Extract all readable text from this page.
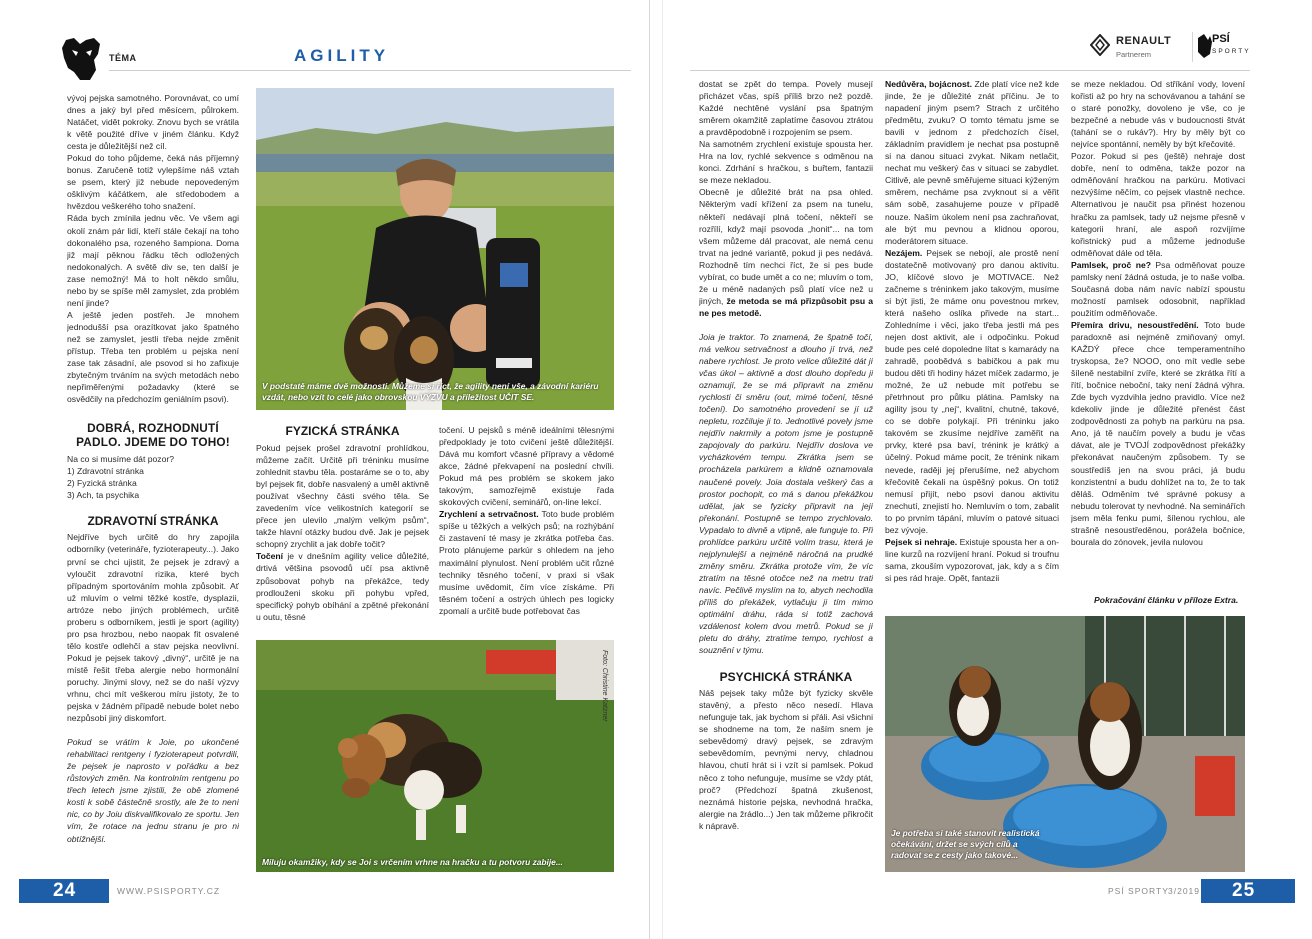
TÉMA	AGILITY

vývoj pejska samotného. Porovnávat, co umí dnes a jaký byl před měsícem, půlrokem. Natáčet, vidět pokroky. Znovu bych se vrátila k větě použité dříve v jiném článku. Když cesta je důležitější než cíl.

Pokud do toho půjdeme, čeká nás příjemný bonus. Zaručeně totiž vylepšíme náš vztah se psem, který již nebude nepovedeným ošklivým káčátkem, ale středobodem a hvězdou veškerého toho snažení.

Ráda bych zmínila jednu věc. Ve všem agi okolí znám pár lidí, kteří stále čekají na toho dokonalého psa, rozeného šampiona. Doma již mají pěknou řádku těch odložených nedokonalých. A světě div se, ten další je zase nemožný! Má to holt někdo smůlu, nebo by se spíše měl zamyslet, zda problém není jinde?

A ještě jeden postřeh. Je mnohem jednodušší psa orazítkovat jako špatného než se zamyslet, jestli třeba nejde změnit přístup. Třeba ten problém u pejska není zase tak zásadní, ale psovod si ho zafixuje zbytečným trváním na svých metodách nebo nepřiměřenými požadavky (které se osvědčily na předchozím geniálním psovi).

DOBRÁ, ROZHODNUTÍ PADLO. JDEME DO TOHO!

Na co si musíme dát pozor?

1) Zdravotní stránka

2) Fyzická stránka

3) Ach, ta psychika

ZDRAVOTNÍ STRÁNKA

Nejdříve bych určitě do hry zapojila odborníky (veterináře, fyzioterapeuty...). Jako první se chci ujistit, že pejsek je zdravý a vyloučit zdravotní rizika, které bych případným sportováním mohla způsobit. Ať už mluvím o velmi těžké kostře, dysplazii, artróze nebo jiných problémech, určitě proberu s odborníkem, jestli je sport (agility) pro psa hrozbou, nebo naopak fit osvalené tělo kostře odlehčí a stav pejska neovlivní. Pokud je pejsek takový „divný“, určitě je na místě řešit třeba alergie nebo hormonální poruchy. Jinými slovy, než se do naší výzvy vrhnu, chci mít veškerou míru jistoty, že to pejska v žádném případě nebude bolet nebo nezpůsobí jiný diskomfort.

Pokud se vrátím k Joie, po ukončené rehabilitaci rentgeny i fyzioterapeut potvrdili, že pejsek je naprosto v pořádku a bez růstových změn. Na kontrolním rentgenu po třech letech jsme zjistili, že obě zlomené kosti k sobě částečně srostly, ale že to není nic, co by Joiu diskvalifikovalo ze sportu. Jen vím, že rotace na jednu stranu je pro ni obtížnější.

V podstatě máme dvě možnosti. Můžeme si říct, že agility není vše, a závodní kariéru vzdát, nebo vzít to celé jako obrovskou VÝZVU a příležitost UČIT SE.
FYZICKÁ STRÁNKA

Pokud pejsek prošel zdravotní prohlídkou, můžeme začít. Určitě při tréninku musíme zohlednit stavbu těla. postaráme se o to, aby byl pejsek fit, dobře nasvalený a uměl aktivně používat všechny části svého těla. Se zavedením více velikostních kategorií se přece jen ulevilo „malým velkým psům“, takže hlavní otázky budou dvě. Jak je pejsek schopný zrychlit a jak dobře točit?

Točení je v dnešním agility velice důležité, drtivá většina psovodů učí psa aktivně způsobovat pohyb na překážce, tedy prodlouženi skoku při pohybu vpřed, specifický pohyb obíhání a zpětné překonání u outu, těsné

točení. U pejsků s méně ideálními tělesnými předpoklady je toto cvičení ještě důležitější. Dává mu komfort včasné přípravy a vědomé akce, žádné překvapení na poslední chvíli. Pokud má pes problém se skokem jako takovým, samozřejmě existuje řada skokových cvičení, seminářů, on-line lekcí.

Zrychlení a setrvačnost. Toto bude problém spíše u těžkých a velkých psů; na rozhýbání či zastavení té masy je zkrátka potřeba čas. Proto plánujeme parkúr s ohledem na jeho maximální plynulost. Není problém učit různé techniky těsného točení, v praxi si však musíme uvědomit, čím více získáme. Při těsném točení a ostrých úhlech pes logicky zpomalí a určitě bude potřebovat čas

Miluju okamžiky, kdy se Joi s vrčením vrhne na hračku a tu potvoru zabije...
Foto: Christine Katzner
24	WWW.PSISPORTY.CZ
RENAULT
Partnerem
PSÍ
SPORTY

dostat se zpět do tempa. Povely musejí přicházet včas, spíš příliš brzo než pozdě. Každé nechtěné vyslání psa špatným směrem okamžitě zaplatíme časovou ztrátou a pravděpodobně i rozpojením se psem.

Na samotném zrychlení existuje spousta her. Hra na lov, rychlé sekvence s odměnou na konci. Zdrhání s hračkou, s buřtem, fantazii se meze nekladou.

Obecně je důležité brát na psa ohled. Některým vadí křížení za psem na tunelu, někteří nedávají plná točení, někteří se rozřílí, když mají psovoda „honit“... na tom všem můžeme dál pracovat, ale nemá cenu trvat na jedné variantě, pokud ji pes nedává. Rozhodně tím nechci říct, že si pes bude vybírat, co bude umět a co ne; mluvím o tom, že u méně nadaných psů platí více než u jiných, že metoda se má přizpůsobit psu a ne pes metodě.

Joia je traktor. To znamená, že špatně točí, má velkou setrvačnost a dlouho jí trvá, než nabere rychlost. Je proto velice důležité dát jí včas úkol – aktivně a dost dlouho dopředu ji oznamují, že se má připravit na změnu rychlosti či směru (out, mimé točení, těsné točení). Do samotného provedení se jí už nepletu, rozčiluje ji to. Jednotlivé povely jsme nejdřív nakrmily a potom jsme je postupně zapojovaly do parkúru. Nejdřív doslova ve vycházkovém tempu. Zkrátka jsem se procházela parkúrem a klidně oznamovala naučené povely. Joia dostala veškerý čas a prostor pochopit, co má s danou překážkou udělat, jak se fyzicky připravit na její překonání. Postupně se tempo zrychlovalo. Vypadalo to divně a vtipně, ale fungujе to. Při prohlídce parkúru určitě volím trasu, která je nejplynulejší a nejméně náročná na prudké změny směru. Zkrátka protože vím, že víc ztratím na těsné otočce než na metru trati navíc. Pečlivě myslím na to, abych nechodila příliš do překážek, vytlačuju ji tím mimo optimální dráhu, ráda si totiž zachová vzdálenost kolem dvou metrů. Pokud se jí pletu do dráhy, ztratíme tempo, rychlost a souznění v týmu.

PSYCHICKÁ STRÁNKA

Náš pejsek taky může být fyzicky skvěle stavěný, a přesto něco nesedí. Hlava nefunguje tak, jak bychom si přáli. Asi všichni se shodneme na tom, že naším snem je sebevědomý dravý pejsek, se zdravým sebevědomím, pevnými nervy, chladnou hlavou, chutí hrát si i vzít si pamlsek. Pokud něco z toho nefunguje, musíme se vždy ptát, proč? (Předchozí špatná zkušenost, neznámá historie pejska, nevhodná hračka, alergie na žrádlo...) Jen tak můžeme přikročit k nápravě.

Nedůvěra, bojácnost. Zde platí více než kde jinde, že je důležité znát příčinu. Je to napadení jiným psem? Strach z určitého předmětu, zvuku? O tomto tématu jsme se bavili v jednom z předchozích čísel, základním pravidlem je nechat psa postupně si na danou situaci zvykat. Nikam netlačit, nechat mu veškerý čas v situaci se zabydlet. Citlivě, ale pevně směřujeme situaci kýženým směrem, necháme psa zvyknout si a věřit sám sobě, zasahujeme pouze v případě nouze. Naším úkolem není psa zachraňovat, ale být mu pevnou a klidnou oporou, moderátorem situace.

Nezájem. Pejsek se nebojí, ale prostě není dostatečně motivovaný pro danou aktivitu. JO, klíčové slovo je MOTIVACE. Než začneme s tréninkem jako takovým, musíme si být jisti, že máme onu povestnou mrkev, která našeho oslíka přivede na start... Zohledníme i věci, jako třeba jestli má pes nejen dost aktivit, ale i odpočinku. Pokud bude pes celé dopoledne lítat s kamarády na zahradě, poobědvá s babičkou a pak mu budou děti tři hodiny házet míček zadarmo, je možné, že už nebude mít potřebu se přetrhnout pro půlku plátina. Pamlsky na agility jsou ty „nej“, kvalitní, chutné, takové, co se dobře polykají. Při tréninku jako takovém se zkusíme nejdříve zaměřit na prvky, které psa baví, trénink je krátký a účelný. Pokud máme pocit, že trénink nikam nevede, radějі jej přerušíme, než abychom křečovitě čekali na úspěšný pokus. On totiž nemusí přijít, nebo psovi danou aktivitu znechutí, znejistí ho. Nemluvím o tom, zabalit to po prvním tápání, mluvím o patové situaci bez vývoje.

Pejsek si nehraje. Existuje spousta her a on-line kurzů na rozvíjení hraní. Pokud si troufnu sama, zkouším vypozorovat, jak, kdy a s čím si pes rád hraje. Opět, fantazii

se meze nekladou. Od stříkání vody, lovení kořisti až po hry na schovávanou a tahání se o staré ponožky, dovoleno je vše, co je bezpečné a nebude vás v budoucnosti štvát (tahání se o rukáv?). Hry by měly být co nejvíce spontánní, neměly by být křečovité.

Pozor. Pokud si pes (ještě) nehraje dost dobře, není to odměna, takže pozor na odměňování hračkou na parkúru. Motivaci nezvýšíme něčím, co pejsek vlastně nechce. Alternativou je naučit psa přinést hozenou hračku za pamlsek, tady už nejsme přesně v kategorii hraní, ale aspoň rozvíjíme kořistnický pud a můžeme jednoduše odměňovat dále od těla.

Pamlsek, proč ne? Psa odměňovat pouze pamlsky není žádná ostuda, je to naše volba. Současná doba nám navíc nabízí spoustu možností pamlsek odosobnit, například použitím odměňovače.

Přemíra drivu, nesoustředění. Toto bude paradoxně asi nejméně zmiňovaný omyl. KAŽDÝ přece chce temperamentního tryskopsa, že? NOOO, ono mít vedle sebe šíleně nestabilní zvíře, které se zkrátka řítí a řítí, bočnice neboční, taky není žádná výhra. Zde bych vyzdvihla jedno pravidlo. Více než kdekoliv jinde je důležité přenést část zodpovědnosti za pohyb na parkúru na psa. Ano, já tě naučím povely a budu je včas dávat, ale je TVOJÍ zodpovědnost překážky překonávat naučeným způsobem. Ty se soustředíš jen na svou práci, já budu konzistentní a budu dohlížet na to, že to tak děláš. Odměním tvé správné pokusy a nebudu tolerovat ty nevhodné. Na seminářích jsem měla fenku pumi, šílenou rychlou, ale strašně nesoustředěnou, porážela bočnice, bourala do zónovek, jevila nulovou

Pokračování článku v příloze Extra.
Je potřeba si také stanovit realistická očekávání, držet se svých cílů a radovat se z cesty jako takové...
PSÍ SPORTY 3/2019 25
